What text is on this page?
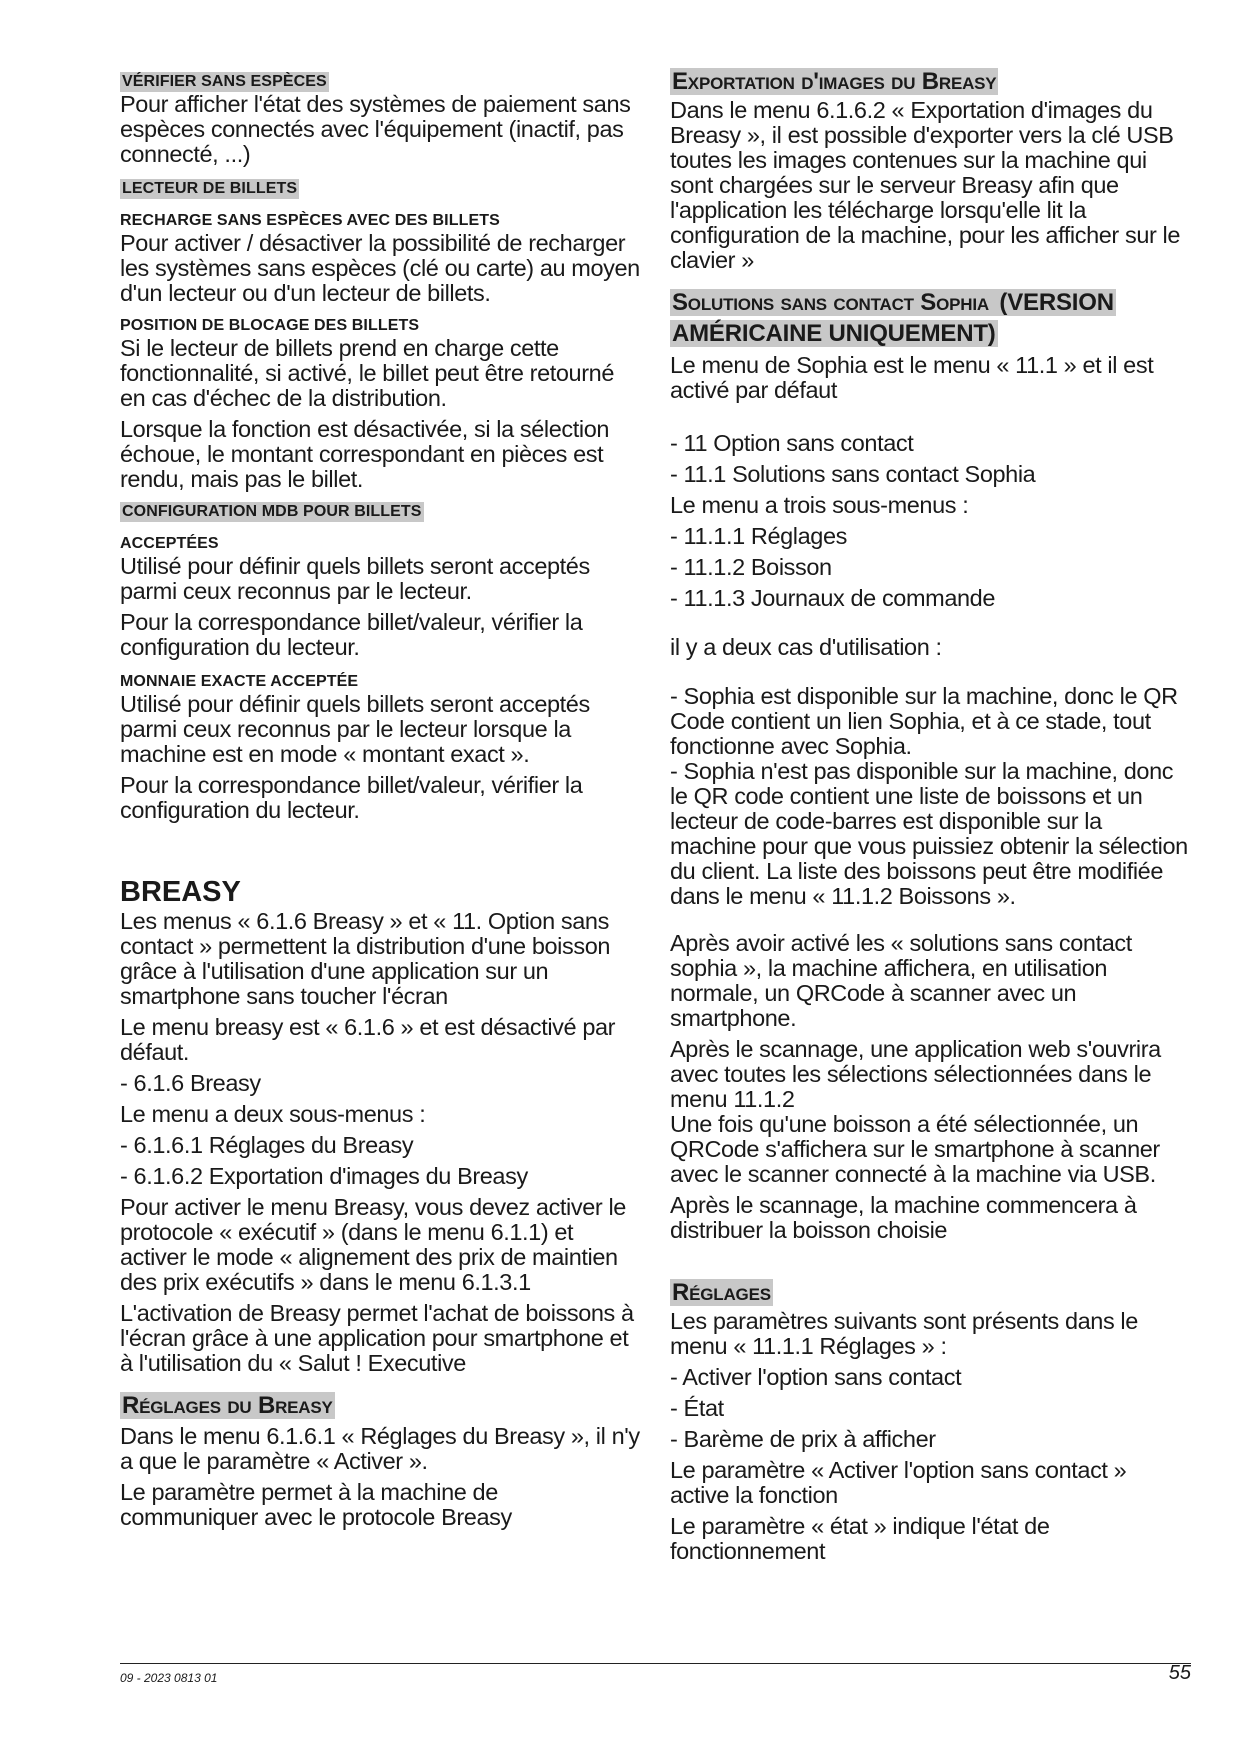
VÉRIFIER SANS ESPÈCES

Pour afficher l'état des systèmes de paiement sans espèces connectés avec l'équipement (inactif, pas connecté, ...)

LECTEUR DE BILLETS
RECHARGE SANS ESPÈCES AVEC DES BILLETS

Pour activer / désactiver la possibilité de recharger les systèmes sans espèces (clé ou carte) au moyen d'un lecteur ou d'un lecteur de billets.

POSITION DE BLOCAGE DES BILLETS

Si le lecteur de billets prend en charge cette fonctionnalité, si activé, le billet peut être retourné en cas d'échec de la distribution.

Lorsque la fonction est désactivée, si la sélection échoue, le montant correspondant en pièces est rendu, mais pas le billet.

CONFIGURATION MDB POUR BILLETS
ACCEPTÉES

Utilisé pour définir quels billets seront acceptés parmi ceux reconnus par le lecteur.

Pour la correspondance billet/valeur, vérifier la configuration du lecteur.

MONNAIE EXACTE ACCEPTÉE

Utilisé pour définir quels billets seront acceptés parmi ceux reconnus par le lecteur lorsque la machine est en mode « montant exact ».

Pour la correspondance billet/valeur, vérifier la configuration du lecteur.

BREASY

Les menus « 6.1.6 Breasy » et « 11. Option sans contact » permettent la distribution d'une boisson grâce à l'utilisation d'une application sur un smartphone sans toucher l'écran

Le menu breasy est « 6.1.6 » et est désactivé par défaut.

- 6.1.6 Breasy

Le menu a deux sous-menus :

- 6.1.6.1 Réglages du Breasy

- 6.1.6.2 Exportation d'images du Breasy

Pour activer le menu Breasy, vous devez activer le protocole « exécutif » (dans le menu 6.1.1) et activer le mode « alignement des prix de maintien des prix exécutifs » dans le menu 6.1.3.1

L'activation de Breasy permet l'achat de boissons à l'écran grâce à une application pour smartphone et à l'utilisation du « Salut ! Executive

Réglages du Breasy

Dans le menu 6.1.6.1 « Réglages du Breasy », il n'y a que le paramètre « Activer ».

Le paramètre permet à la machine de communiquer avec le protocole Breasy

Exportation d'images du Breasy

Dans le menu 6.1.6.2 « Exportation d'images du Breasy », il est possible d'exporter vers la clé USB toutes les images contenues sur la machine qui sont chargées sur le serveur Breasy afin que l'application les télécharge lorsqu'elle lit la configuration de la machine, pour les afficher sur le clavier »

Solutions sans contact Sophia (VERSION AMÉRICAINE UNIQUEMENT)

Le menu de Sophia est le menu « 11.1 » et il est activé par défaut

- 11 Option sans contact

- 11.1 Solutions sans contact Sophia

Le menu a trois sous-menus :

- 11.1.1 Réglages

- 11.1.2 Boisson

- 11.1.3 Journaux de commande

il y a deux cas d'utilisation :

- Sophia est disponible sur la machine, donc le QR Code contient un lien Sophia, et à ce stade, tout fonctionne avec Sophia.

- Sophia n'est pas disponible sur la machine, donc le QR code contient une liste de boissons et un lecteur de code-barres est disponible sur la machine pour que vous puissiez obtenir la sélection du client. La liste des boissons peut être modifiée dans le menu « 11.1.2 Boissons ».

Après avoir activé les « solutions sans contact sophia », la machine affichera, en utilisation normale, un QRCode à scanner avec un smartphone.

Après le scannage, une application web s'ouvrira avec toutes les sélections sélectionnées dans le menu 11.1.2

Une fois qu'une boisson a été sélectionnée, un QRCode s'affichera sur le smartphone à scanner avec le scanner connecté à la machine via USB.

Après le scannage, la machine commencera à distribuer la boisson choisie

Réglages

Les paramètres suivants sont présents dans le menu « 11.1.1 Réglages » :

- Activer l'option sans contact

- État

- Barème de prix à afficher

Le paramètre « Activer l'option sans contact » active la fonction

Le paramètre « état » indique l'état de fonctionnement

09 - 2023 0813 01	55
